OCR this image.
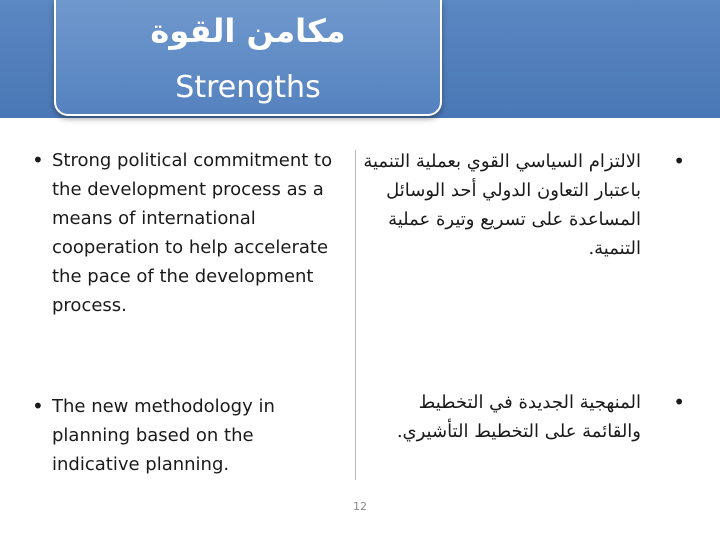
مكامن القوة
Strengths
• Strong political commitment to the development process as a means of international cooperation to help accelerate the pace of the development process.
• The new methodology in planning based on the indicative planning.
•
الالتزام السياسي القوي بعملية التنمية باعتبار التعاون الدولي أحد الوسائل المساعدة على تسريع وتيرة عملية التنمية.
•
المنهجية الجديدة في التخطيط والقائمة على التخطيط التأشيري.
12
